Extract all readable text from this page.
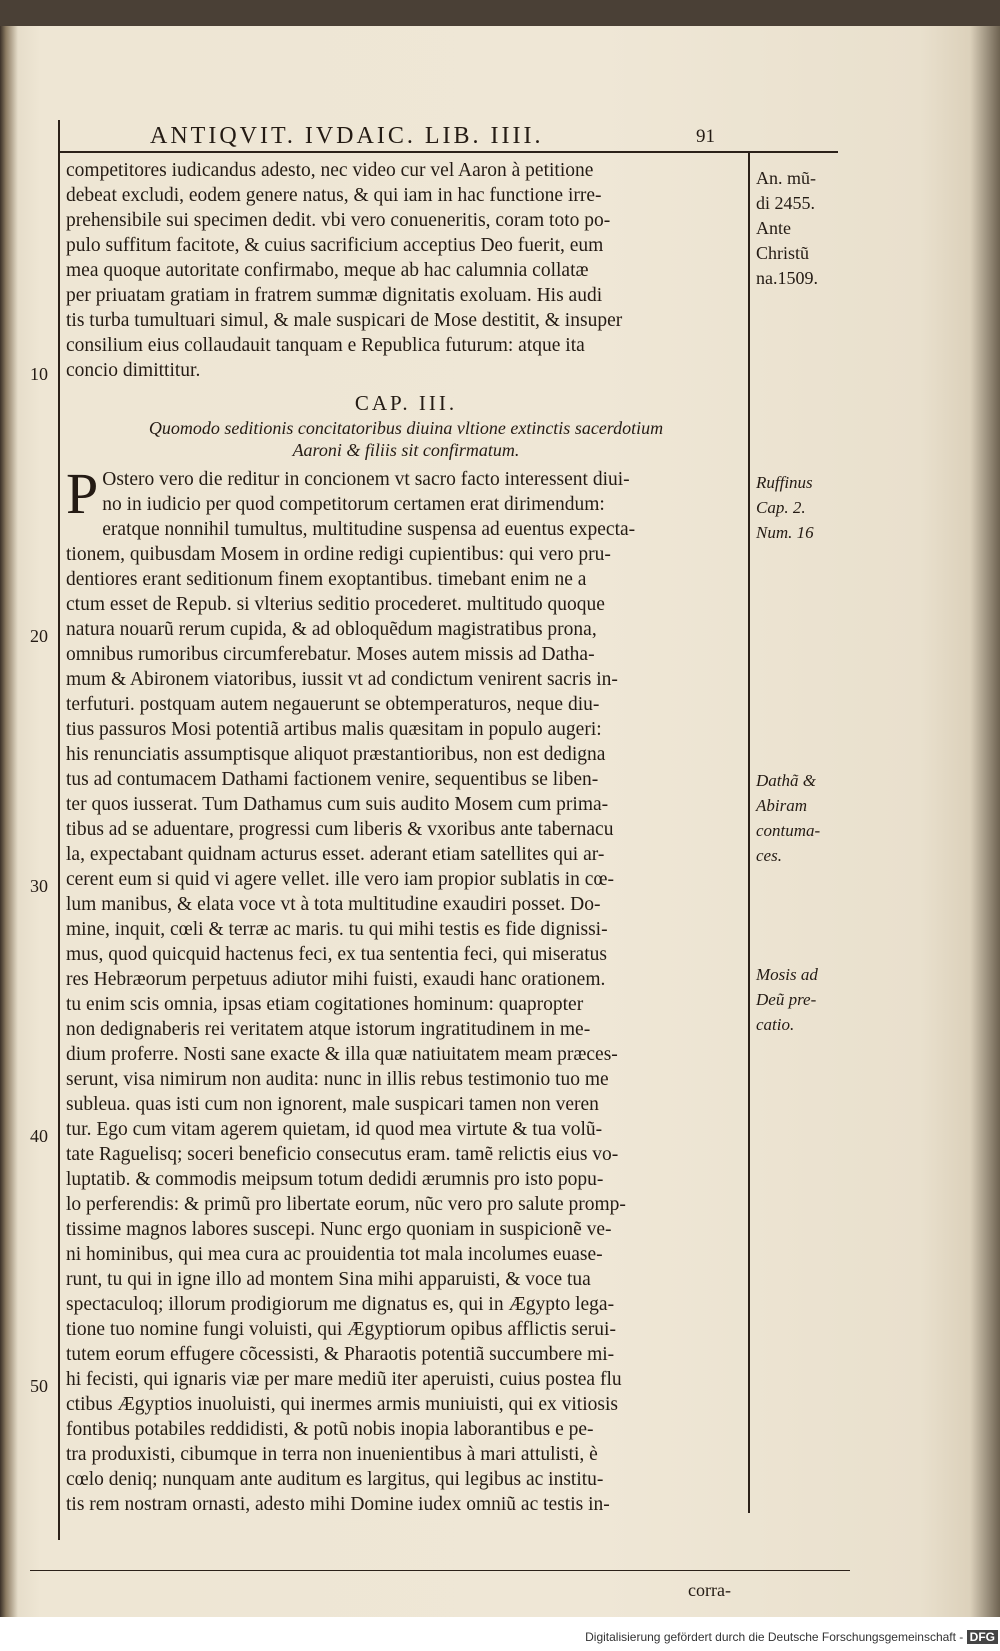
ANTIQVIT. IVDAIC. LIB. IIII.	91
competitores iudicandus adesto, nec video cur vel Aaron à petitione
debeat excludi, eodem genere natus, & qui iam in hac functione irre-
prehensibile sui specimen dedit. vbi vero conueneritis, coram toto po-
pulo suffitum facitote, & cuius sacrificium acceptius Deo fuerit, eum
mea quoque autoritate confirmabo, meque ab hac calumnia collatæ
per priuatam gratiam in fratrem summæ dignitatis exoluam. His audi
tis turba tumultuari simul, & male suspicari de Mose destitit, & insuper
consilium eius collaudauit tanquam e Republica futurum: atque ita
concio dimittitur.
CAP. III.
Quomodo seditionis concitatoribus diuina vltione extinctis sacerdotium
Aaroni & filiis sit confirmatum.
P Ostero vero die reditur in concionem vt sacro facto interessent diui-
no in iudicio per quod competitorum certamen erat dirimendum:
eratque nonnihil tumultus, multitudine suspensa ad euentus expecta-
tionem, quibusdam Mosem in ordine redigi cupientibus: qui vero pru-
dentiores erant seditionum finem exoptantibus. timebant enim ne a
ctum esset de Repub. si vlterius seditio procederet. multitudo quoque
natura nouarũ rerum cupida, & ad obloquẽdum magistratibus prona,
omnibus rumoribus circumferebatur. Moses autem missis ad Datha-
mum & Abironem viatoribus, iussit vt ad condictum venirent sacris in-
terfuturi. postquam autem negauerunt se obtemperaturos, neque diu-
tius passuros Mosi potentiã artibus malis quæsitam in populo augeri:
his renunciatis assumptisque aliquot præstantioribus, non est dedigna
tus ad contumacem Dathami factionem venire, sequentibus se liben-
ter quos iusserat. Tum Dathamus cum suis audito Mosem cum prima-
tibus ad se aduentare, progressi cum liberis & vxoribus ante tabernacu
la, expectabant quidnam acturus esset. aderant etiam satellites qui ar-
cerent eum si quid vi agere vellet. ille vero iam propior sublatis in cœ-
lum manibus, & elata voce vt à tota multitudine exaudiri posset. Do-
mine, inquit, cœli & terræ ac maris. tu qui mihi testis es fide dignissi-
mus, quod quicquid hactenus feci, ex tua sententia feci, qui miseratus
res Hebræorum perpetuus adiutor mihi fuisti, exaudi hanc orationem.
tu enim scis omnia, ipsas etiam cogitationes hominum: quapropter
non dedignaberis rei veritatem atque istorum ingratitudinem in me-
dium proferre. Nosti sane exacte & illa quæ natiuitatem meam præces-
serunt, visa nimirum non audita: nunc in illis rebus testimonio tuo me
subleua. quas isti cum non ignorent, male suspicari tamen non veren
tur. Ego cum vitam agerem quietam, id quod mea virtute & tua volũ-
tate Raguelisq; soceri beneficio consecutus eram. tamẽ relictis eius vo-
luptatib. & commodis meipsum totum dedidi ærumnis pro isto popu-
lo perferendis: & primũ pro libertate eorum, nũc vero pro salute promp-
tissime magnos labores suscepi. Nunc ergo quoniam in suspicionẽ ve-
ni hominibus, qui mea cura ac prouidentia tot mala incolumes euase-
runt, tu qui in igne illo ad montem Sina mihi apparuisti, & voce tua
spectaculoq; illorum prodigiorum me dignatus es, qui in Ægypto lega-
tione tuo nomine fungi voluisti, qui Ægyptiorum opibus afflictis serui-
tutem eorum effugere cõcessisti, & Pharaotis potentiã succumbere mi-
hi fecisti, qui ignaris viæ per mare mediũ iter aperuisti, cuius postea flu
ctibus Ægyptios inuoluisti, qui inermes armis muniuisti, qui ex vitiosis
fontibus potabiles reddidisti, & potũ nobis inopia laborantibus e pe-
tra produxisti, cibumque in terra non inuenientibus à mari attulisti, è
cœlo deniq; nunquam ante auditum es largitus, qui legibus ac institu-
tis rem nostram ornasti, adesto mihi Domine iudex omniũ ac testis in-
10
20
30
40
50
An. mũ-
di 2455.
Ante
Christũ
na.1509.
Ruffinus
Cap. 2.
Num. 16
Dathã &
Abiram
contuma-
ces.
Mosis ad
Deũ pre-
catio.
corra-
Digitalisierung gefördert durch die Deutsche Forschungsgemeinschaft - DFG
